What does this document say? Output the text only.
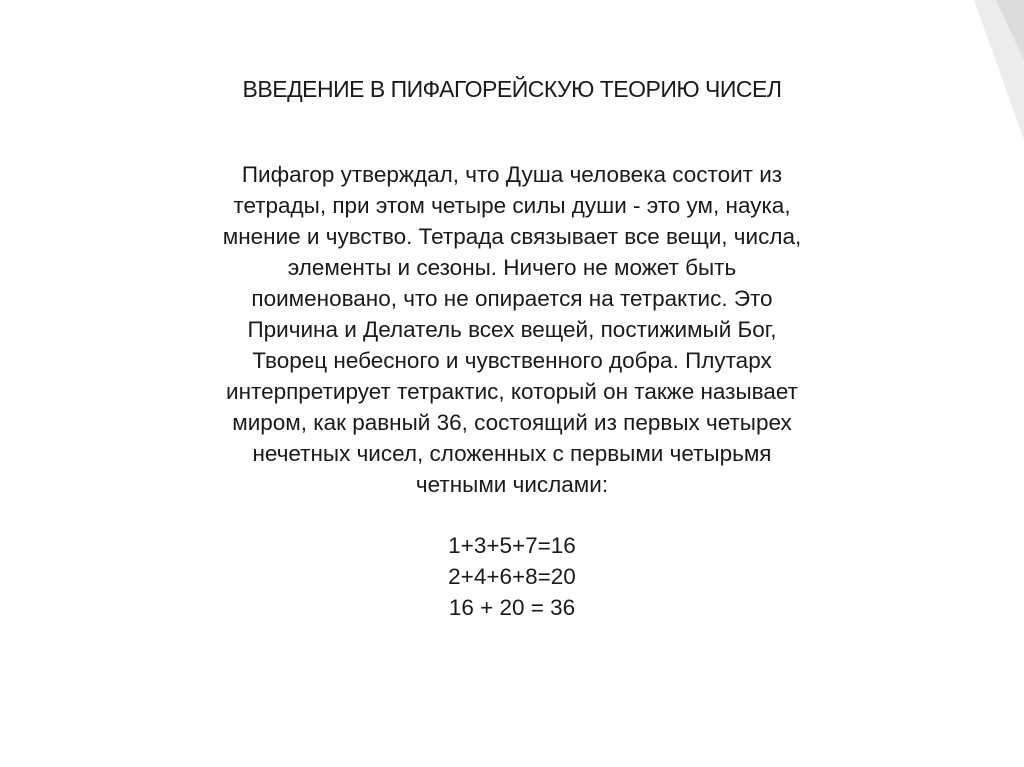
ВВЕДЕНИЕ В ПИФАГОРЕЙСКУЮ ТЕОРИЮ ЧИСЕЛ
Пифагор утверждал, что Душа человека состоит из
тетрады, при этом четыре силы души - это ум, наука,
мнение и чувство. Тетрада связывает все вещи, числа,
элементы и сезоны. Ничего не может быть
поименовано, что не опирается на тетрактис. Это
Причина и Делатель всех вещей, постижимый Бог,
Творец небесного и чувственного добра. Плутарх
интерпретирует тетрактис, который он также называет
миром, как равный 36, состоящий из первых четырех
нечетных чисел, сложенных с первыми четырьмя
четными числами:
1+3+5+7=16
2+4+6+8=20
16 + 20 = 36
